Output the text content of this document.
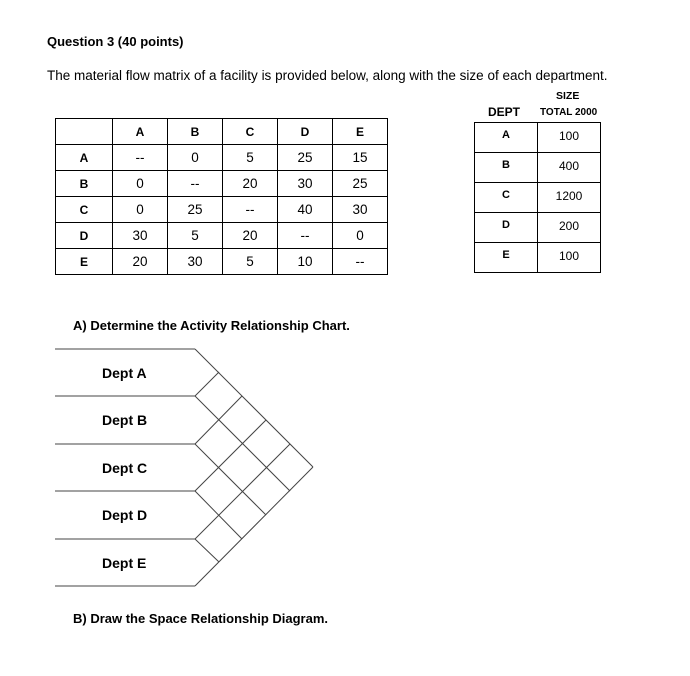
Question 3 (40 points)
The material flow matrix of a facility is provided below, along with the size of each department.
	A	B	C	D	E
A	--	0	5	25	15
B	0	--	20	30	25
C	0	25	--	40	30
D	30	5	20	--	0
E	20	30	5	10	--
SIZE
DEPT TOTAL 2000
A	100
B	400
C	1200
D	200
E	100
A) Determine the Activity Relationship Chart.
Dept A
Dept B
Dept C
Dept D
Dept E
B) Draw the Space Relationship Diagram.
